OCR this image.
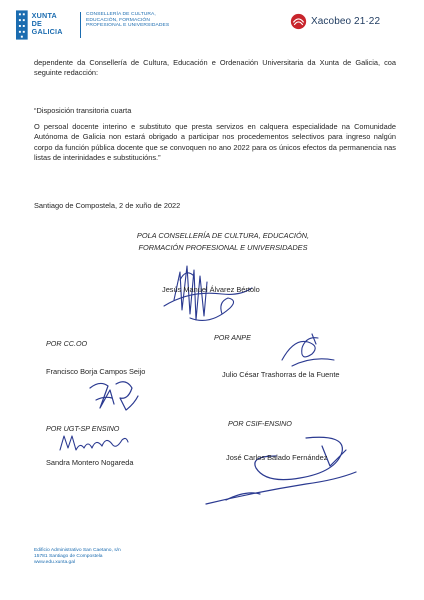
XUNTA
DE GALICIA
CONSELLERÍA DE CULTURA,
EDUCACIÓN, FORMACIÓN
PROFESIONAL E UNIVERSIDADES	Xacobeo 21·22
dependente da Consellería de Cultura, Educación e Ordenación Universitaria da Xunta de Galicia, coa seguinte redacción:
“Disposición transitoria cuarta
O persoal docente interino e substituto que presta servizos en calquera especialidade na Comunidade Autónoma de Galicia non estará obrigado a participar nos procedementos selectivos para ingreso nalgún corpo da función pública docente que se convoquen no ano 2022 para os únicos efectos da permanencia nas listas de interinidades e substitucións.”
Santiago de Compostela, 2 de xuño de 2022
POLA CONSELLERÍA DE CULTURA, EDUCACIÓN,
FORMACIÓN PROFESIONAL E UNIVERSIDADES
Jesús Manuel Álvarez Bértolo
POR CC.OO
Francisco Borja Campos Seijo
POR ANPE
Julio César Trashorras de la Fuente
POR UGT-SP ENSINO
Sandra Montero Nogareda
POR CSIF-ENSINO
José Carlos Balado Fernández
Edificio Administrativo San Caetano, s/n
15781 Santiago de Compostela
www.edu.xunta.gal
